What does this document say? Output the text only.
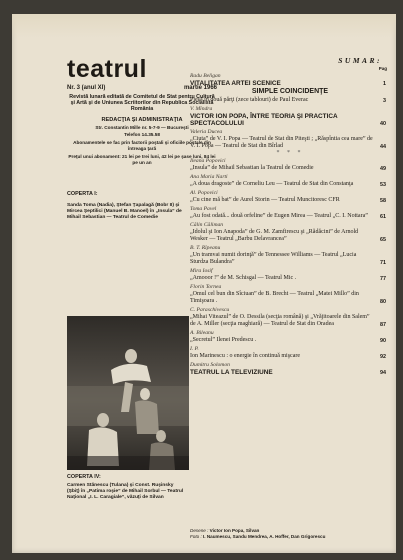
teatrul
Nr. 3 (anul XI)	martie 1966
Revistă lunară editată de Comitetul de Stat pentru Cultură şi Artă şi de Uniunea Scriitorilor din Republica Socialistă România
REDACŢIA ŞI ADMINISTRAŢIA
Str. Constantin Mille nr. 5-7-9 — Bucureşti
Telefon 14.35.58
Abonamentele se fac prin factorii poştali şi oficiile poştale din întreaga ţară
Preţul unui abonament: 21 lei pe trei luni, 42 lei pe şase luni, 84 lei pe un an
COPERTA I:
Sanda Toma (Nadia), Ştefan Ţapalagă (Bobr II) şi Mircea Şeptilici (Manuel B. Manoel) în „Insula” de Mihail Sebastian — Teatrul de Comedie
COPERTA IV:
Carmen Stănescu (Tulana) şi Const. Ruşinsky (Şbiţ) în „Patima roşie” de Mihail Sorbul — Teatrul Naţional „I. L. Caragiale”, văzuţi de Silvan
SUMAR:
Pag
Radu Beligan
VITALITATEA ARTEI SCENICE	1
SIMPLE COINCIDENŢE
Piesă în două părţi (zece tablouri) de Paul Everac	3
V. Mîndra
VICTOR ION POPA, ÎNTRE TEORIA ŞI PRACTICA SPECTACOLULUI	40
Valeria Ducea
„Ciuta” de V. I. Popa — Teatrul de Stat din Piteşti ; „Răspîntia cea mare” de V. I. Popa — Teatrul de Stat din Bîrlad	44
* * *
Ileana Popovici
„Insula” de Mihail Sebastian la Teatrul de Comedie	49
Ana Maria Narti
„A doua dragoste” de Corneliu Leu — Teatrul de Stat din Constanţa	53
Al. Popovici
„Cu cine mă bat” de Aurel Storin — Teatrul Muncitoresc CFR	58
Toma Pavel
„Au fost odată... două orfeline” de Eugen Mirea — Teatrul „C. I. Nottara”	61
Călin Căliman
„Idolul şi Ion Anapoda” de G. M. Zamfirescu şi „Rădăcini” de Arnold Wesker — Teatrul „Barbu Delavrancea”	65
B. T. Rîpeanu
„Un tramvai numit dorinţă” de Tennessee Williams — Teatrul „Lucia Sturdza Bulandra”	71
Mira Iosif
„Amooor !” de M. Schisgal — Teatrul Mic .	77
Florin Tornea
„Omul cel bun din Sîciuan” de B. Brecht — Teatrul „Matei Millo” din Timişoara .	80
C. Paraschivescu
„Mihai Viteazul” de O. Dessila (secţia română) şi „Vrăjitoarele din Salem” de A. Miller (secţia maghiară) — Teatrul de Stat din Oradea	87
A. Bileanu
„Secretul” Ilenei Predescu .	90
I. P.
Ion Marinescu : o energie în continuă mişcare	92
Dumitru Solomon
TEATRUL LA TELEVIZIUNE	94
Desene : Victor Ion Popa, Silvan
Foto : I. Naumescu, Sandu Mendrea, A. Hoffer, Dan Grigorescu
